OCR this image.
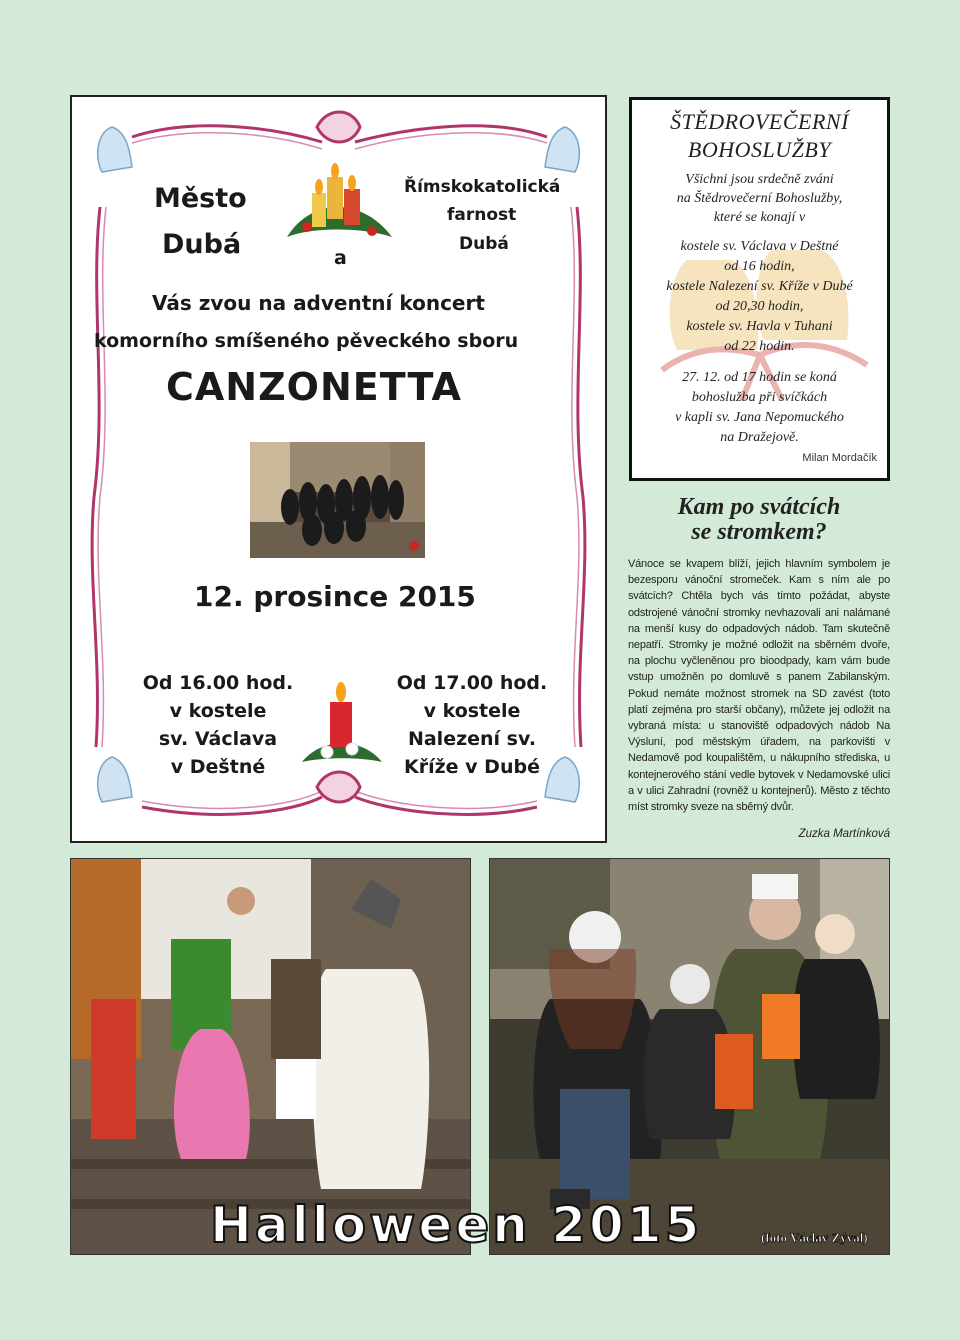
Město
Dubá	a
Římskokatolická
farnost
Dubá
Vás zvou na adventní koncert
komorního smíšeného pěveckého sboru
CANZONETTA
12. prosince 2015
Od 16.00 hod.
v kostele
sv. Václava
v Deštné
Od 17.00 hod.
v kostele
Nalezení sv.
Kříže v Dubé
ŠTĚDROVEČERNÍ
BOHOSLUŽBY
Všichni jsou srdečně zváni
na Štědrovečerní Bohoslužby,
které se konají v
kostele sv. Václava v Deštné
od 16 hodin,
kostele Nalezení sv. Kříže v Dubé
od 20,30 hodin,
kostele sv. Havla v Tuhani
od 22 hodin.
27. 12. od 17 hodin se koná
bohoslužba při svíčkách
v kapli sv. Jana Nepomuckého
na Dražejově.
Milan Mordačík
Kam po svátcích
se stromkem?
Vánoce se kvapem blíží, jejich hlavním symbolem je bezesporu vánoční stromeček. Kam s ním ale po svátcích? Chtěla bych vás tímto požádat, abyste odstrojené vánoční stromky nevhazovali ani nalámané na menší kusy do odpadových nádob. Tam skutečně nepatří. Stromky je možné odložit na sběrném dvoře, na plochu vyčleněnou pro bioodpady, kam vám bude vstup umožněn po domluvě s panem Zabilanským. Pokud nemáte možnost stromek na SD zavést (toto platí zejména pro starší občany), můžete jej odložit na vybraná místa: u stanoviště odpadových nádob Na Výsluní, pod městským úřadem, na parkovišti v Nedamově pod koupalištěm, u nákupního střediska, u kontejnerového stání vedle bytovek v Nedamovské ulici a v ulici Zahradní (rovněž u kontejnerů). Město z těchto míst stromky sveze na sběrný dvůr.
Zuzka Martínková
Halloween 2015	(foto Václav Zýval)
